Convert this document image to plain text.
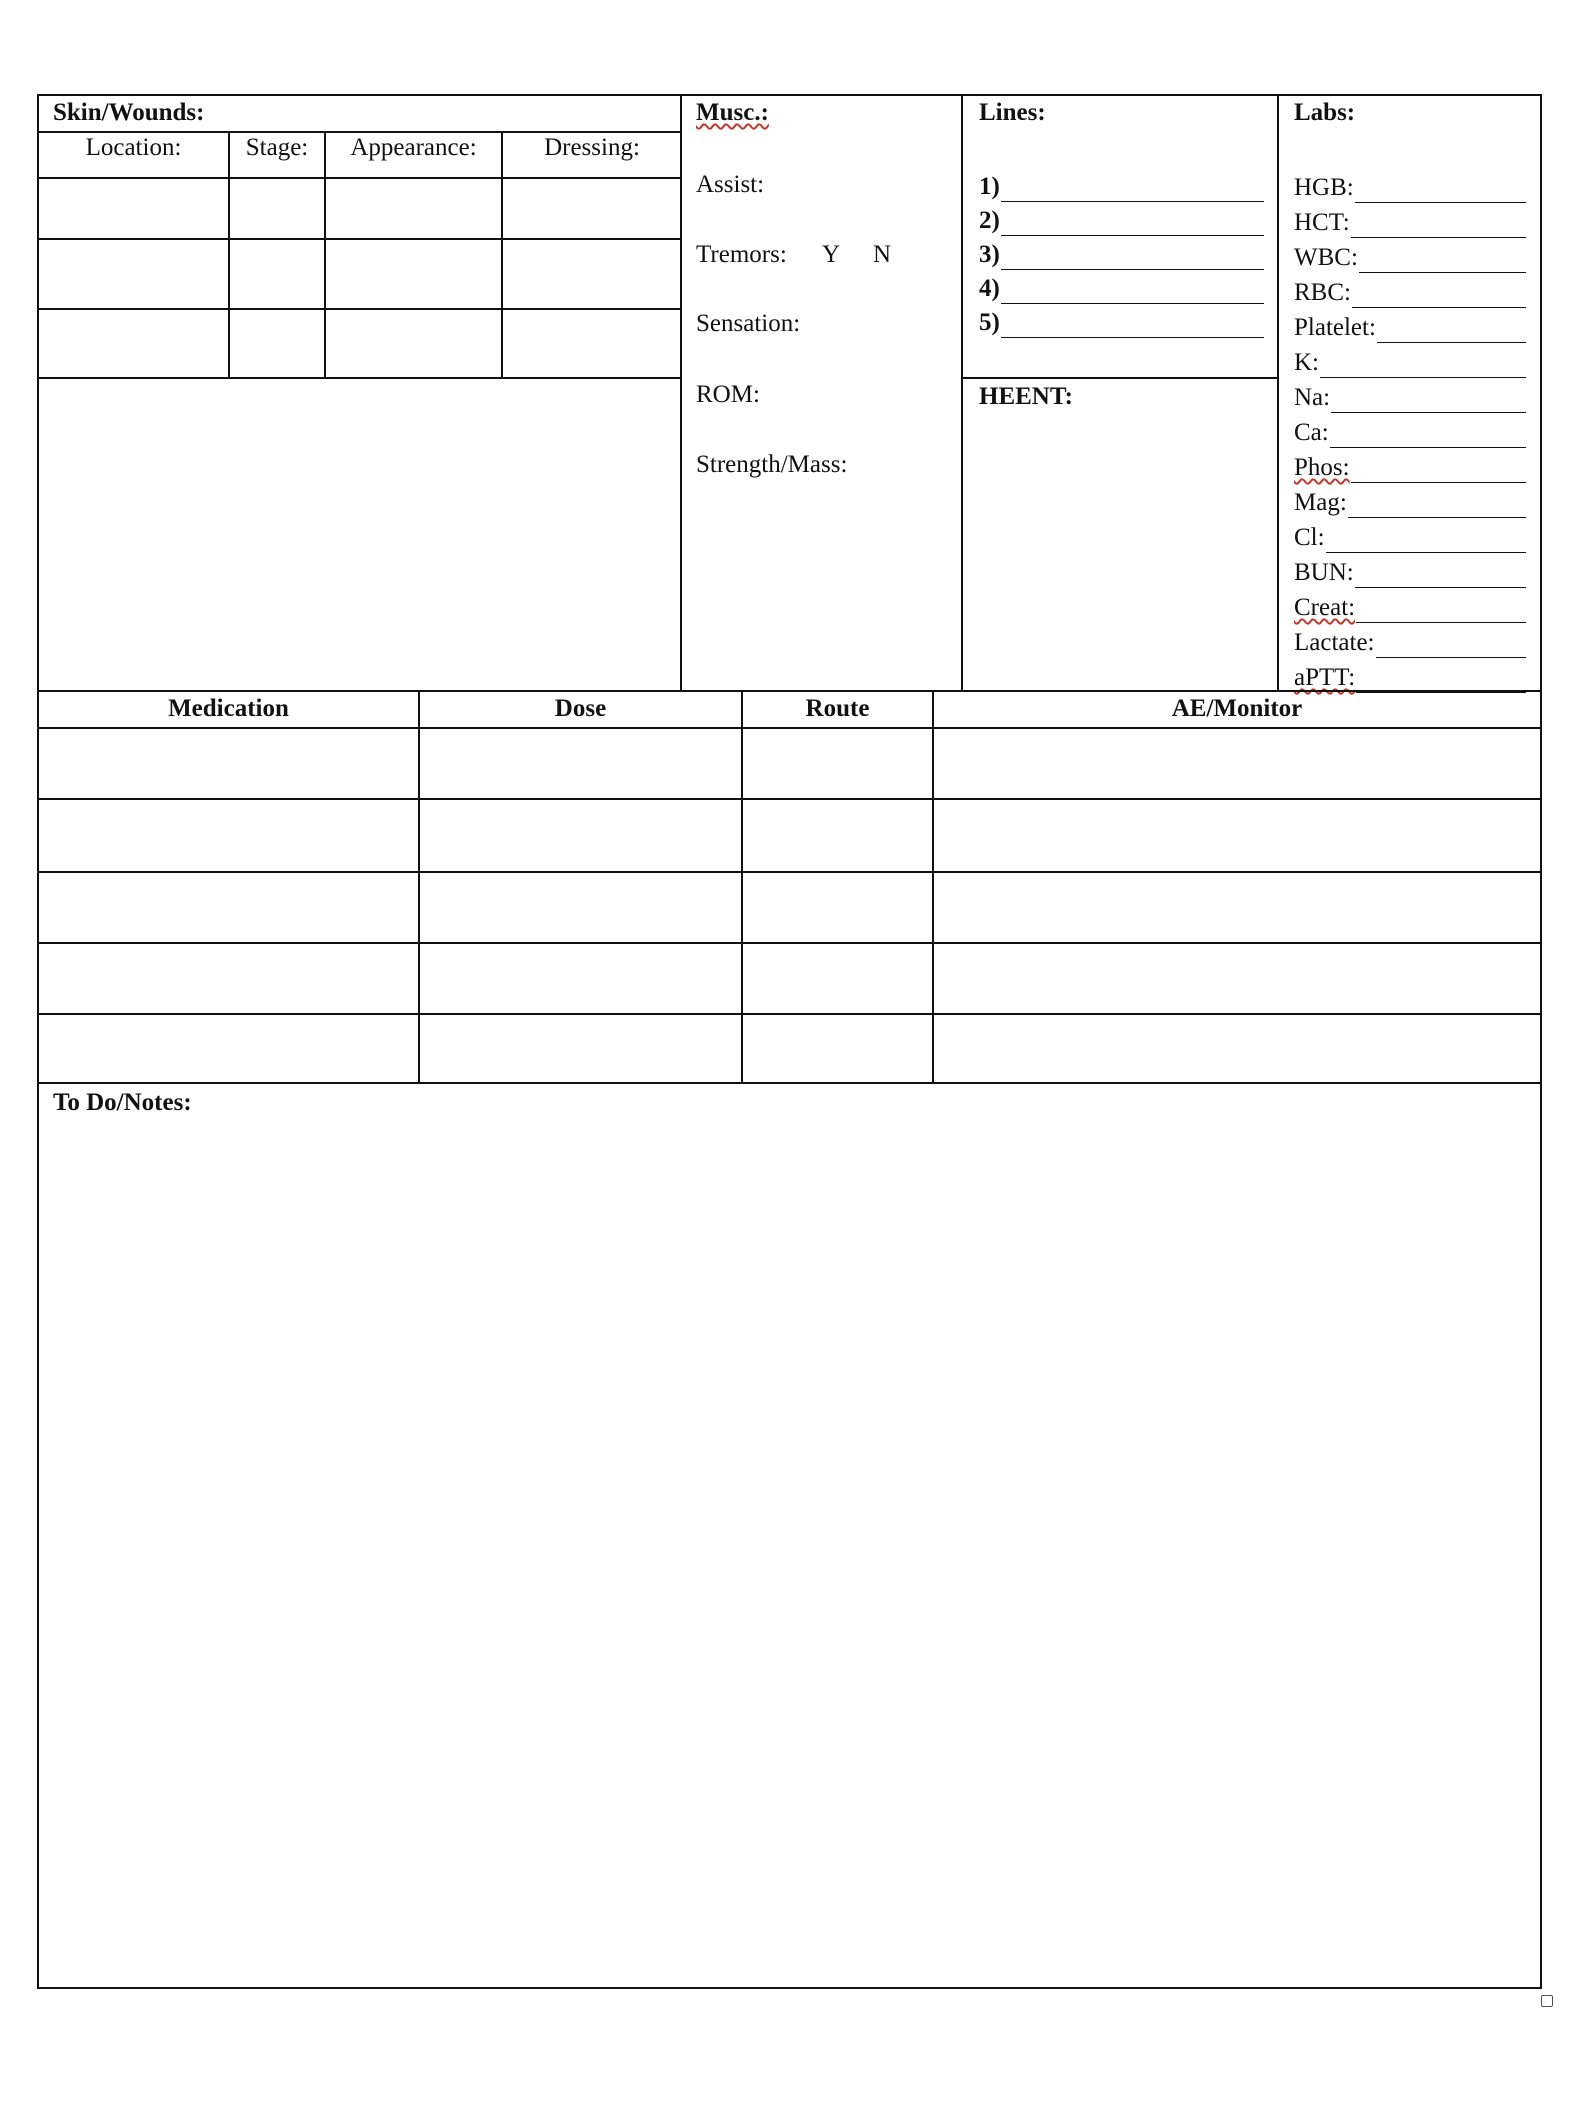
Skin/Wounds:
Location:	Stage:	Appearance:	Dressing:
Musc.:
Assist:
Tremors: Y N
Sensation:
ROM:
Strength/Mass:
Lines:
1)
2)
3)
4)
5)
HEENT:
Labs:
HGB:
HCT:
WBC:
RBC:
Platelet:
K:
Na:
Ca:
Phos:
Mag:
Cl:
BUN:
Creat:
Lactate:
aPTT:
Medication	Dose	Route	AE/Monitor
To Do/Notes:
